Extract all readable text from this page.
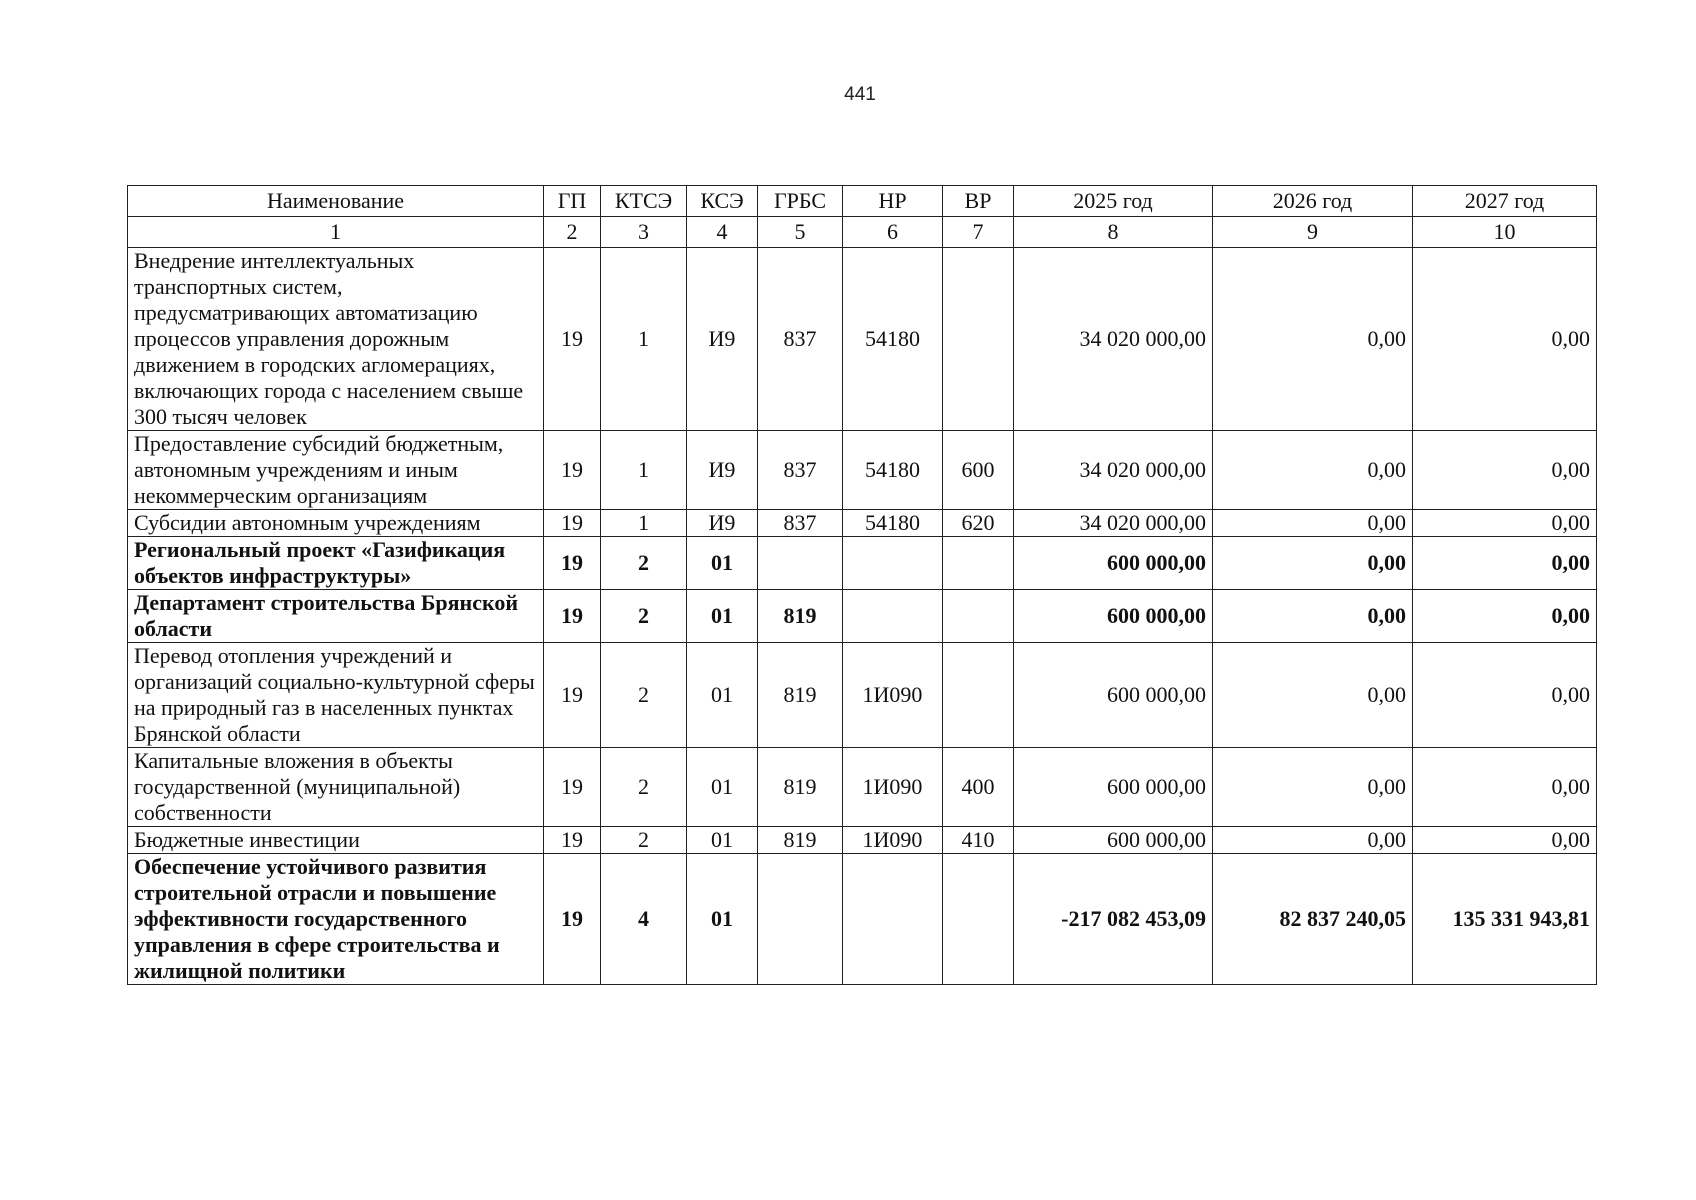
441
Наименование	ГП	КТСЭ	КСЭ	ГРБС	НР	ВР	2025 год	2026 год	2027 год
1	2	3	4	5	6	7	8	9	10
Внедрение интеллектуальных транспортных систем, предусматривающих автоматизацию процессов управления дорожным движением в городских агломерациях, включающих города с населением свыше 300 тысяч человек	19	1	И9	837	54180		34 020 000,00	0,00	0,00
Предоставление субсидий бюджетным, автономным учреждениям и иным некоммерческим организациям	19	1	И9	837	54180	600	34 020 000,00	0,00	0,00
Субсидии автономным учреждениям	19	1	И9	837	54180	620	34 020 000,00	0,00	0,00
Региональный проект «Газификация объектов инфраструктуры»	19	2	01				600 000,00	0,00	0,00
Департамент строительства Брянской области	19	2	01	819			600 000,00	0,00	0,00
Перевод отопления учреждений и организаций социально-культурной сферы на природный газ в населенных пунктах Брянской области	19	2	01	819	1И090		600 000,00	0,00	0,00
Капитальные вложения в объекты государственной (муниципальной) собственности	19	2	01	819	1И090	400	600 000,00	0,00	0,00
Бюджетные инвестиции	19	2	01	819	1И090	410	600 000,00	0,00	0,00
Обеспечение устойчивого развития строительной отрасли и повышение эффективности государственного управления в сфере строительства и жилищной политики	19	4	01				-217 082 453,09	82 837 240,05	135 331 943,81
